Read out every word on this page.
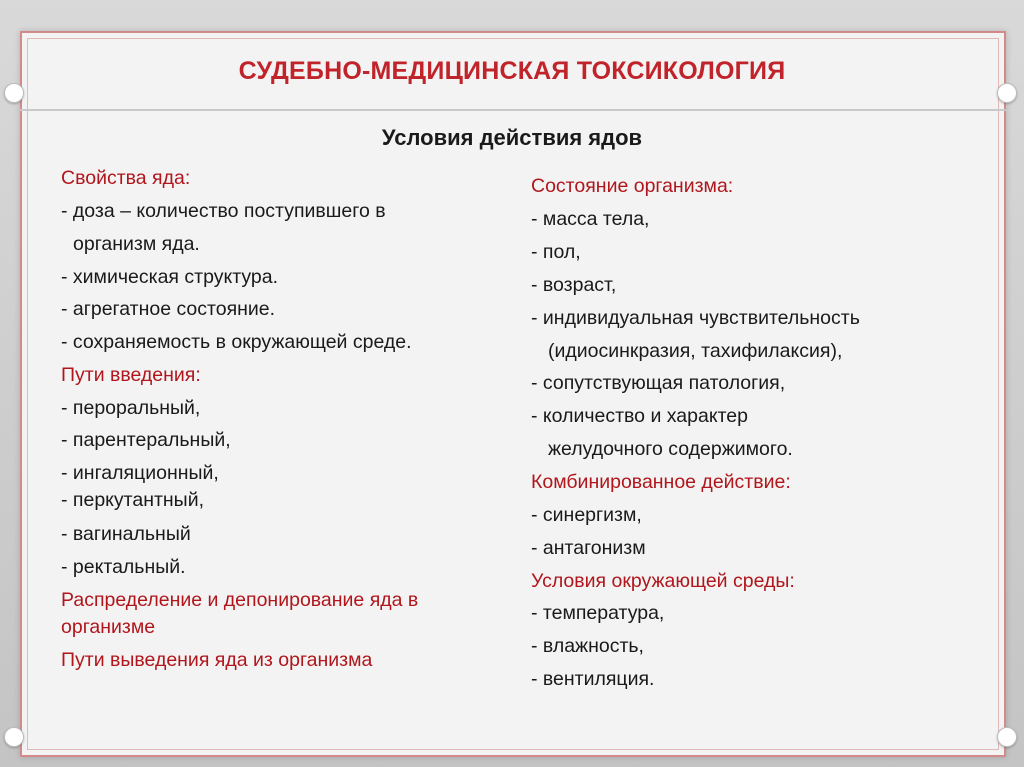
СУДЕБНО-МЕДИЦИНСКАЯ ТОКСИКОЛОГИЯ
Условия действия ядов
Свойства яда:
- доза – количество поступившего в
организм яда.
- химическая структура.
- агрегатное состояние.
- сохраняемость в окружающей среде.
Пути введения:
- пероральный,
- парентеральный,
- ингаляционный,
- перкутантный,
- вагинальный
- ректальный.
Распределение и депонирование яда в
организме
Пути выведения яда из организма
Состояние организма:
- масса тела,
- пол,
- возраст,
- индивидуальная чувствительность
(идиосинкразия, тахифилаксия),
- сопутствующая патология,
- количество и характер
желудочного содержимого.
Комбинированное действие:
- синергизм,
- антагонизм
Условия окружающей среды:
- температура,
- влажность,
- вентиляция.
